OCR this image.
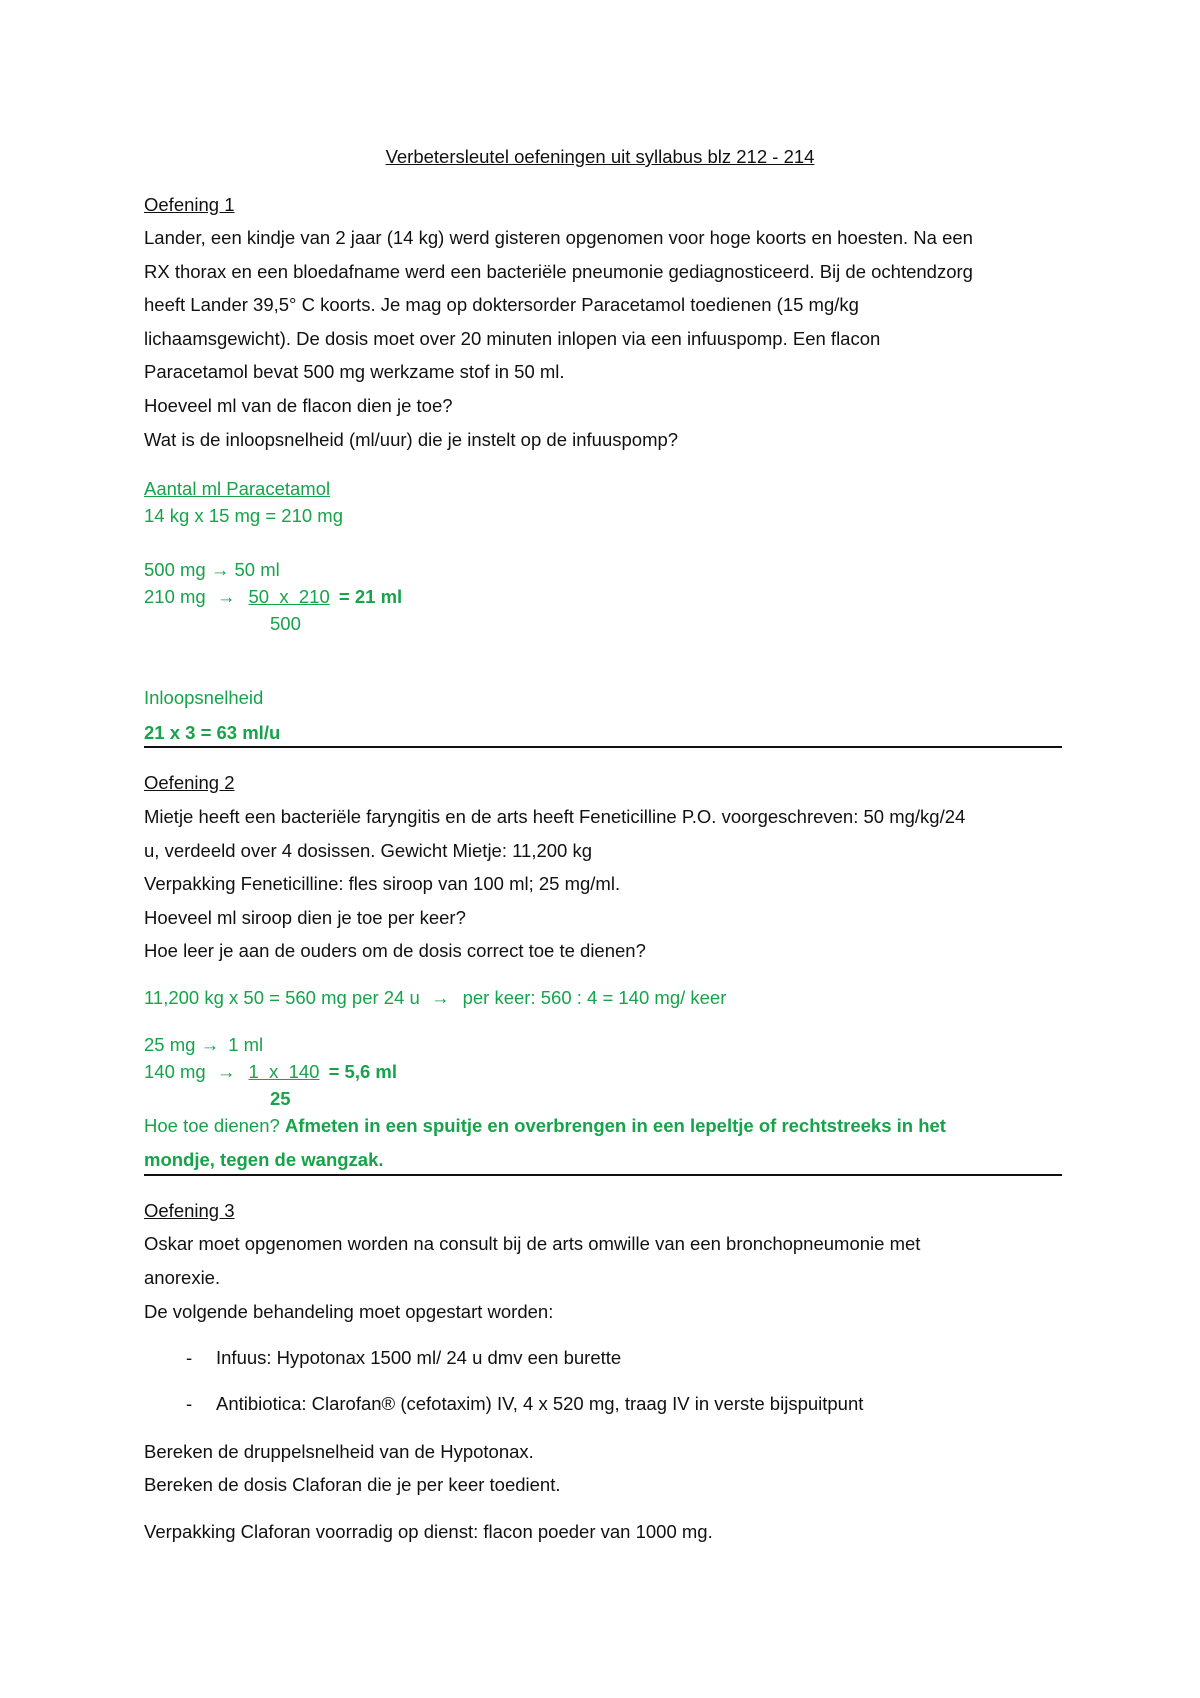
Verbetersleutel oefeningen uit syllabus blz 212 - 214
Oefening 1
Lander, een kindje van 2 jaar (14 kg) werd gisteren opgenomen voor hoge koorts en hoesten. Na een
RX thorax en een bloedafname werd een bacteriële pneumonie gediagnosticeerd. Bij de ochtendzorg
heeft Lander 39,5° C koorts. Je mag op doktersorder Paracetamol toedienen (15 mg/kg
lichaamsgewicht). De dosis moet over 20 minuten inlopen via een infuuspomp. Een flacon
Paracetamol bevat 500 mg werkzame stof in 50 ml.
Hoeveel ml van de flacon dien je toe?
Wat is de inloopsnelheid (ml/uur) die je instelt op de infuuspomp?
Aantal ml Paracetamol
14 kg x 15 mg = 210 mg
500 mg → 50 ml
210 mg → 50  x  210 = 21 ml
500
Inloopsnelheid
21 x 3 = 63 ml/u
Oefening 2
Mietje heeft een bacteriële faryngitis en de arts heeft Feneticilline P.O. voorgeschreven: 50 mg/kg/24
u, verdeeld over 4 dosissen. Gewicht Mietje: 11,200 kg
Verpakking Feneticilline: fles siroop van 100 ml; 25 mg/ml.
Hoeveel ml siroop dien je toe per keer?
Hoe leer je aan de ouders om de dosis correct toe te dienen?
11,200 kg x 50 = 560 mg per 24 u → per keer: 560 : 4 = 140 mg/ keer
25 mg → 1 ml
140 mg → 1  x  140 = 5,6 ml
25
Hoe toe dienen? Afmeten in een spuitje en overbrengen in een lepeltje of rechtstreeks in het
mondje, tegen de wangzak.
Oefening 3
Oskar moet opgenomen worden na consult bij de arts omwille van een bronchopneumonie met
anorexie.
De volgende behandeling moet opgestart worden:
- Infuus: Hypotonax 1500 ml/ 24 u dmv een burette
- Antibiotica: Clarofan® (cefotaxim) IV, 4 x 520 mg, traag IV in verste bijspuitpunt
Bereken de druppelsnelheid van de Hypotonax.
Bereken de dosis Claforan die je per keer toedient.
Verpakking Claforan voorradig op dienst: flacon poeder van 1000 mg.
